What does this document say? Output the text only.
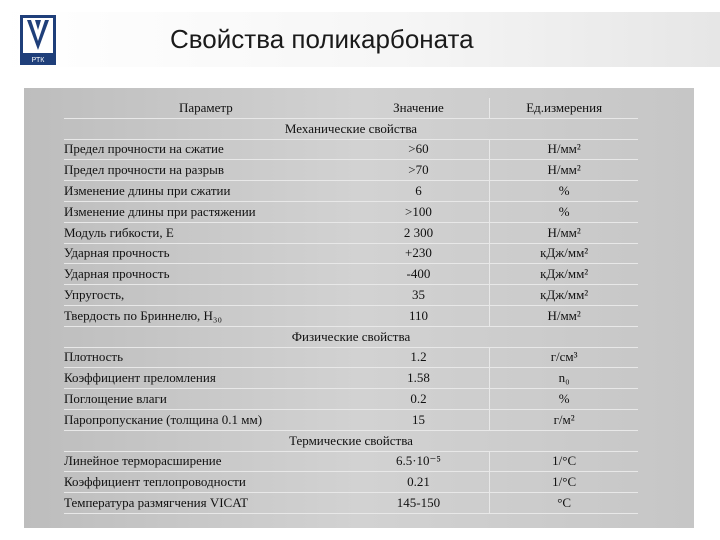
РТК
Свойства поликарбоната
Параметр	Значение	Ед.измерения
Механические свойства		
Предел прочности на сжатие	>60	Н/мм²
Предел прочности на разрыв	>70	Н/мм²
Изменение длины при сжатии	6	%
Изменение длины при растяжении	>100	%
Модуль гибкости, E	2 300	Н/мм²
Ударная прочность	+230	кДж/мм²
Ударная прочность	-400	кДж/мм²
Упругость,	35	кДж/мм²
Твердость по Бриннелю, H₃₀	110	Н/мм²
Физические свойства		
Плотность	1.2	г/см³
Коэффициент преломления	1.58	n₀
Поглощение влаги	0.2	%
Паропропускание (толщина 0.1 мм)	15	г/м²
Термические свойства		
Линейное терморасширение	6.5·10⁻⁵	1/°C
Коэффициент теплопроводности	0.21	1/°C
Температура размягчения VICAT	145-150	°C
